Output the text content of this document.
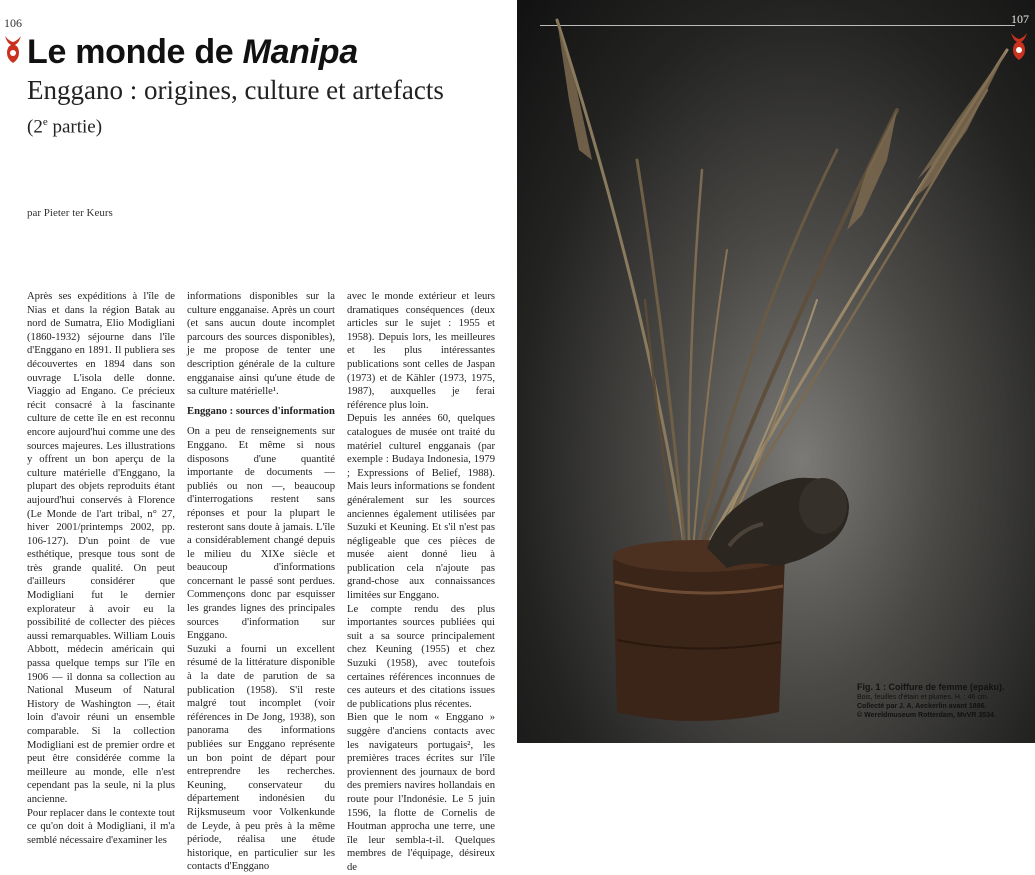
106
Le monde de Manipa
Enggano : origines, culture et artefacts
(2e partie)
par Pieter ter Keurs

Après ses expéditions à l'île de Nias et dans la région Batak au nord de Sumatra, Elio Modigliani (1860-1932) séjourne dans l'île d'Enggano en 1891. Il publiera ses découvertes en 1894 dans son ouvrage L'isola delle donne. Viaggio ad Engano. Ce précieux récit consacré à la fascinante culture de cette île en est reconnu encore aujourd'hui comme une des sources majeures. Les illustrations y offrent un bon aperçu de la culture matérielle d'Enggano, la plupart des objets reproduits étant aujourd'hui conservés à Florence (Le Monde de l'art tribal, n° 27, hiver 2001/printemps 2002, pp. 106-127). D'un point de vue esthétique, presque tous sont de très grande qualité. On peut d'ailleurs considérer que Modigliani fut le dernier explorateur à avoir eu la possibilité de collecter des pièces aussi remarquables. William Louis Abbott, médecin américain qui passa quelque temps sur l'île en 1906 — il donna sa collection au National Museum of Natural History de Washington —, était loin d'avoir réuni un ensemble comparable. Si la collection Modigliani est de premier ordre et peut être considérée comme la meilleure au monde, elle n'est cependant pas la seule, ni la plus ancienne.

Pour replacer dans le contexte tout ce qu'on doit à Modigliani, il m'a semblé nécessaire d'examiner les

informations disponibles sur la culture engganaise. Après un court (et sans aucun doute incomplet parcours des sources disponibles), je me propose de tenter une description générale de la culture engganaise ainsi qu'une étude de sa culture matérielle¹.

Enggano : sources d'information

On a peu de renseignements sur Enggano. Et même si nous disposons d'une quantité importante de documents — publiés ou non —, beaucoup d'interrogations restent sans réponses et pour la plupart le resteront sans doute à jamais. L'île a considérablement changé depuis le milieu du XIXe siècle et beaucoup d'informations concernant le passé sont perdues. Commençons donc par esquisser les grandes lignes des principales sources d'information sur Enggano.

Suzuki a fourni un excellent résumé de la littérature disponible à la date de parution de sa publication (1958). S'il reste malgré tout incomplet (voir références in De Jong, 1938), son panorama des informations publiées sur Enggano représente un bon point de départ pour entreprendre les recherches. Keuning, conservateur du département indonésien du Rijksmuseum voor Volkenkunde de Leyde, à peu près à la même période, réalisa une étude historique, en particulier sur les contacts d'Enggano

avec le monde extérieur et leurs dramatiques conséquences (deux articles sur le sujet : 1955 et 1958). Depuis lors, les meilleures et les plus intéressantes publications sont celles de Jaspan (1973) et de Kähler (1973, 1975, 1987), auxquelles je ferai référence plus loin.

Depuis les années 60, quelques catalogues de musée ont traité du matériel culturel engganais (par exemple : Budaya Indonesia, 1979 ; Expressions of Belief, 1988). Mais leurs informations se fondent généralement sur les sources anciennes également utilisées par Suzuki et Keuning. Et s'il n'est pas négligeable que ces pièces de musée aient donné lieu à publication cela n'ajoute pas grand-chose aux connaissances limitées sur Enggano.

Le compte rendu des plus importantes sources publiées qui suit a sa source principalement chez Keuning (1955) et chez Suzuki (1958), avec toutefois certaines références inconnues de ces auteurs et des citations issues de publications plus récentes.

Bien que le nom « Enggano » suggère d'anciens contacts avec les navigateurs portugais², les premières traces écrites sur l'île proviennent des journaux de bord des premiers navires hollandais en route pour l'Indonésie. Le 5 juin 1596, la flotte de Cornelis de Houtman approcha une terre, une île leur sembla-t-il. Quelques membres de l'équipage, désireux de

107

Fig. 1 : Coiffure de femme (epaku).

Bois, feuilles d'étain et plumes. H. : 46 cm.

Collecté par J. A. Aeckerlin avant 1886.

© Wereldmuseum Rotterdam, MvVR 3534.
